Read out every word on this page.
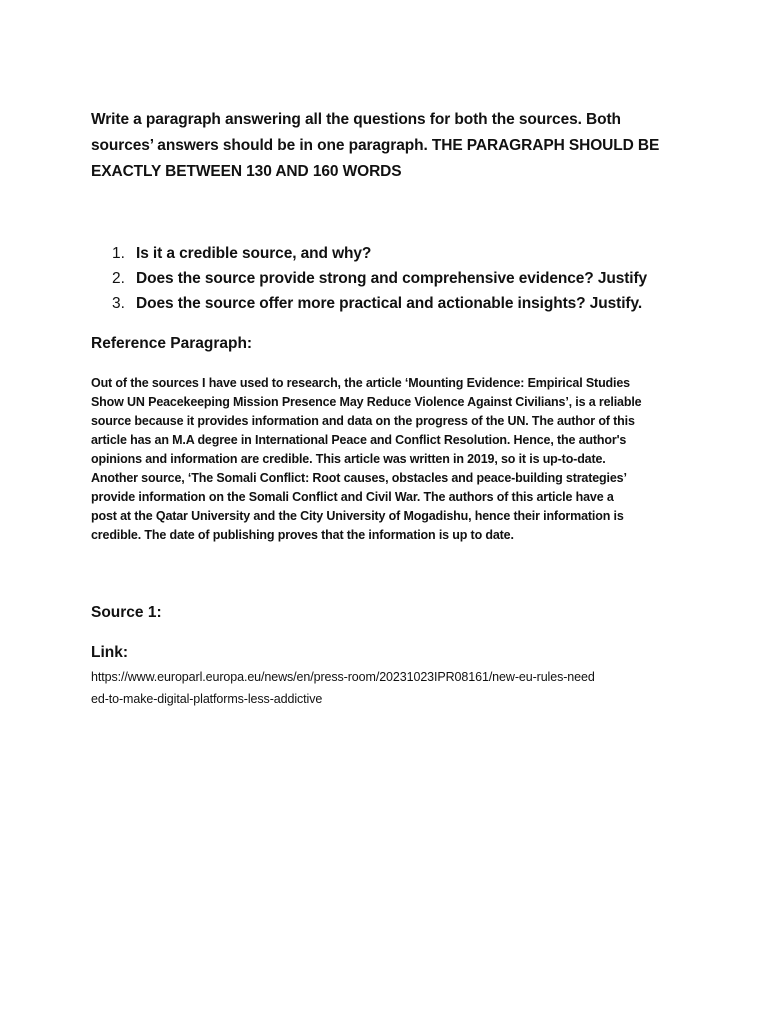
Write a paragraph answering all the questions for both the sources. Both
sources’ answers should be in one paragraph. THE PARAGRAPH SHOULD BE
EXACTLY BETWEEN 130 AND 160 WORDS
1. Is it a credible source, and why?
2. Does the source provide strong and comprehensive evidence? Justify
3. Does the source offer more practical and actionable insights? Justify.
Reference Paragraph:
Out of the sources I have used to research, the article ‘Mounting Evidence: Empirical Studies
Show UN Peacekeeping Mission Presence May Reduce Violence Against Civilians’, is a reliable
source because it provides information and data on the progress of the UN. The author of this
article has an M.A degree in International Peace and Conflict Resolution. Hence, the author's
opinions and information are credible. This article was written in 2019, so it is up-to-date.
Another source, ‘The Somali Conflict: Root causes, obstacles and peace-building strategies’
provide information on the Somali Conflict and Civil War. The authors of this article have a
post at the Qatar University and the City University of Mogadishu, hence their information is
credible. The date of publishing proves that the information is up to date.
Source 1:
Link:
https://www.europarl.europa.eu/news/en/press-room/20231023IPR08161/new-eu-rules-need
ed-to-make-digital-platforms-less-addictive
